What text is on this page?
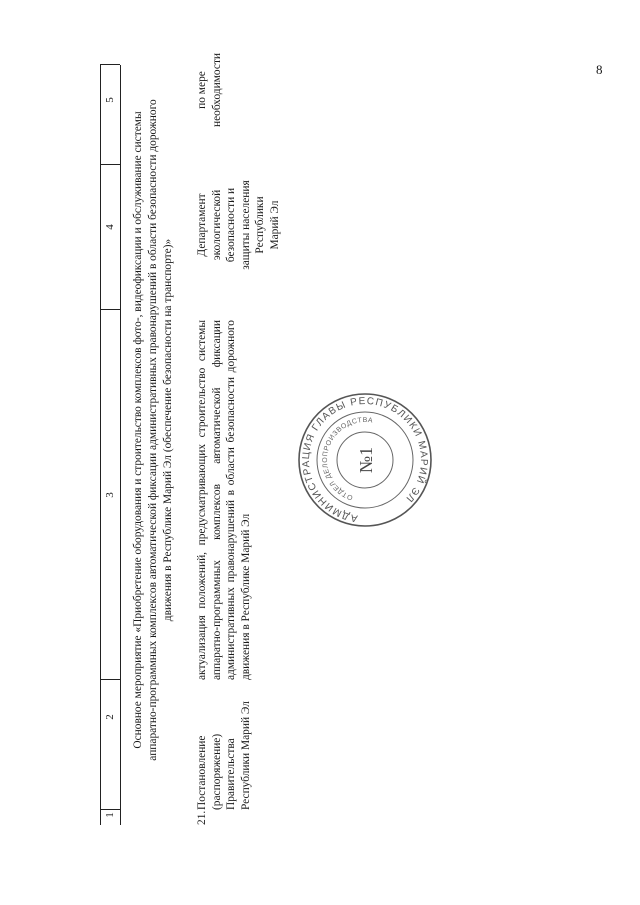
8
1
2
3
4
5
Основное мероприятие «Приобретение оборудования и строительство комплексов фото-, видеофиксации и обслуживание системы аппаратно-программных комплексов автоматической фиксации административных правонарушений в области безопасности дорожного движения в Республике Марий Эл (обеспечение безопасности на транспорте)»
21.
Постановление (распоряжение) Правительства Республики Марий Эл
актуализация положений, предусматривающих строительство системы аппаратно-программных комплексов автоматической фиксации административных правонарушений в области безопасности дорожного движения в Республике Марий Эл
Департамент экологической безопасности и защиты населения Республики Марий Эл
по мере необходимости
АДМИНИСТРАЦИЯ ГЛАВЫ РЕСПУБЛИКИ МАРИЙ ЭЛ
ОТДЕЛ ДЕЛОПРОИЗВОДСТВА
№1
